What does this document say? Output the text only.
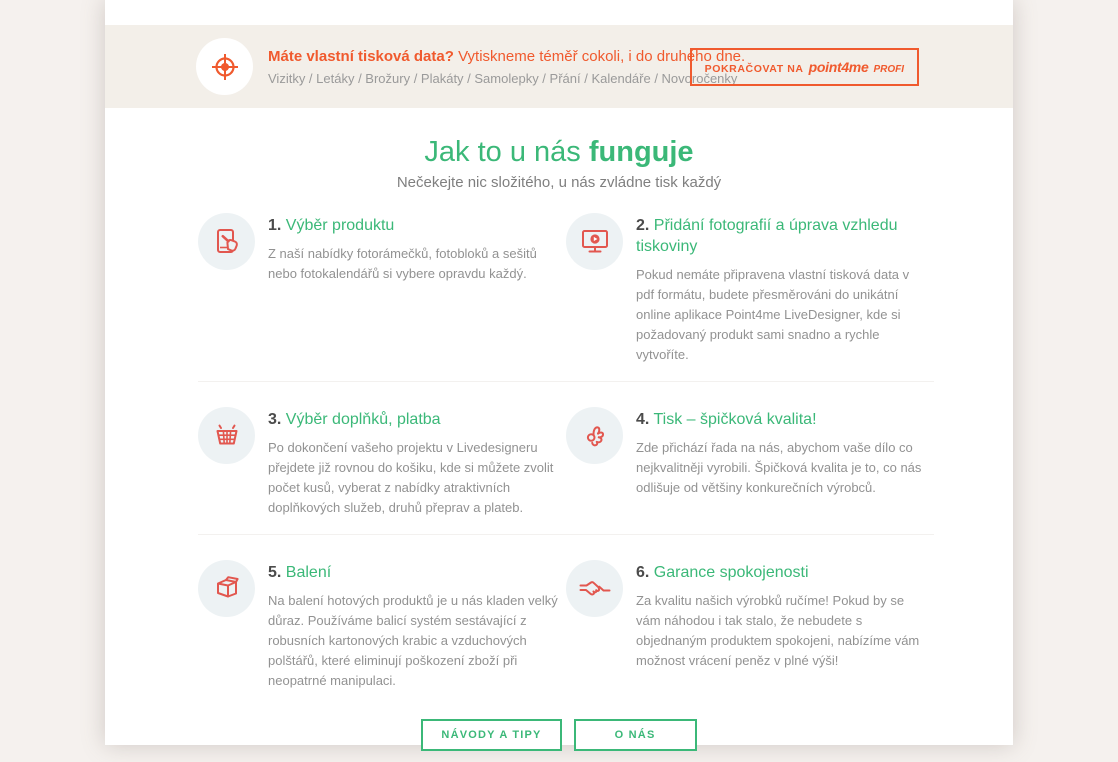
Máte vlastní tisková data? Vytiskneme téměř cokoli, i do druhého dne.
Vizitky / Letáky / Brožury / Plakáty / Samolepky / Přání / Kalendáře / Novoročenky
POKRAČOVAT NA point4me PROFI
Jak to u nás funguje
Nečekejte nic složitého, u nás zvládne tisk každý
1. Výběr produktu
Z naší nabídky fotorámečků, fotobloků a sešitů nebo fotokalendářů si vybere opravdu každý.
2. Přidání fotografií a úprava vzhledu tiskoviny
Pokud nemáte připravena vlastní tisková data v pdf formátu, budete přesměrováni do unikátní online aplikace Point4me LiveDesigner, kde si požadovaný produkt sami snadno a rychle vytvoříte.
3. Výběr doplňků, platba
Po dokončení vašeho projektu v Livedesigneru přejdete již rovnou do košiku, kde si můžete zvolit počet kusů, vyberat z nabídky atraktivních doplňkových služeb, druhů přeprav a plateb.
4. Tisk – špičková kvalita!
Zde přichází řada na nás, abychom vaše dílo co nejkvalitněji vyrobili. Špičková kvalita je to, co nás odlišuje od většiny konkurečních výrobců.
5. Balení
Na balení hotových produktů je u nás kladen velký důraz. Používáme balicí systém sestávající z robusních kartonových krabic a vzduchových polštářů, které eliminují poškození zboží při neopatrné manipulaci.
6. Garance spokojenosti
Za kvalitu našich výrobků ručíme! Pokud by se vám náhodou i tak stalo, že nebudete s objednaným produktem spokojeni, nabízíme vám možnost vrácení peněz v plné výši!
NÁVODY A TIPY	O NÁS
